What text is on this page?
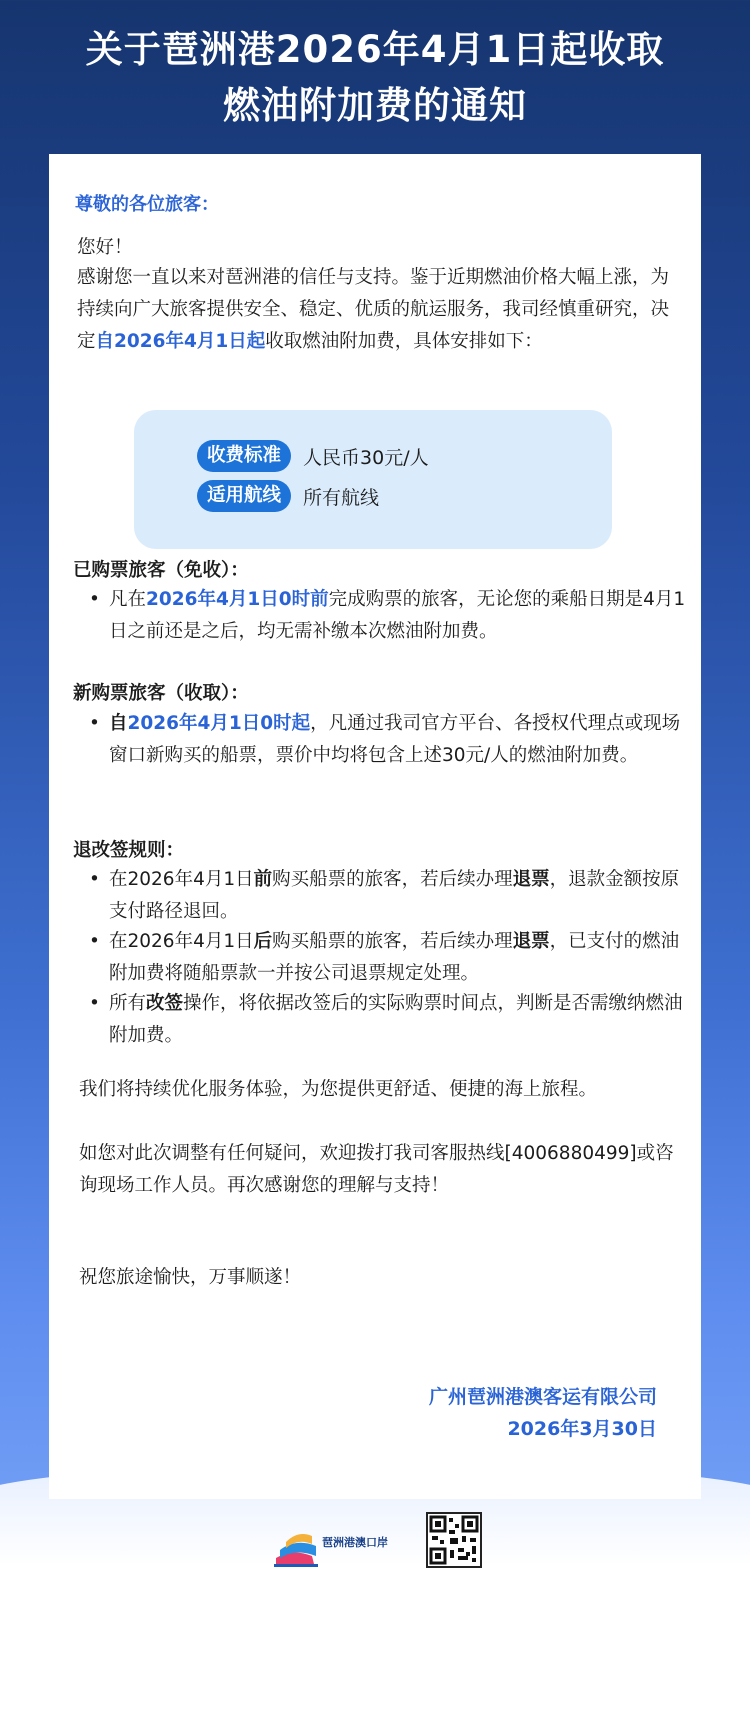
关于琶洲港2026年4月1日起收取
燃油附加费的通知
尊敬的各位旅客：
您好！
感谢您一直以来对琶洲港的信任与支持。鉴于近期燃油价格大幅上涨，为持续向广大旅客提供安全、稳定、优质的航运服务，我司经慎重研究，决定自2026年4月1日起收取燃油附加费，具体安排如下：
收费标准	人民币30元/人
适用航线	所有航线
已购票旅客（免收）：
• 凡在2026年4月1日0时前完成购票的旅客，无论您的乘船日期是4月1日之前还是之后，均无需补缴本次燃油附加费。
新购票旅客（收取）：
• 自2026年4月1日0时起，凡通过我司官方平台、各授权代理点或现场窗口新购买的船票，票价中均将包含上述30元/人的燃油附加费。
退改签规则：
• 在2026年4月1日前购买船票的旅客，若后续办理退票，退款金额按原支付路径退回。
• 在2026年4月1日后购买船票的旅客，若后续办理退票，已支付的燃油附加费将随船票款一并按公司退票规定处理。
• 所有改签操作，将依据改签后的实际购票时间点，判断是否需缴纳燃油附加费。
我们将持续优化服务体验，为您提供更舒适、便捷的海上旅程。
如您对此次调整有任何疑问，欢迎拨打我司客服热线[4006880499]或咨询现场工作人员。再次感谢您的理解与支持！
祝您旅途愉快，万事顺遂！
广州琶洲港澳客运有限公司
2026年3月30日
琶洲港澳口岸
